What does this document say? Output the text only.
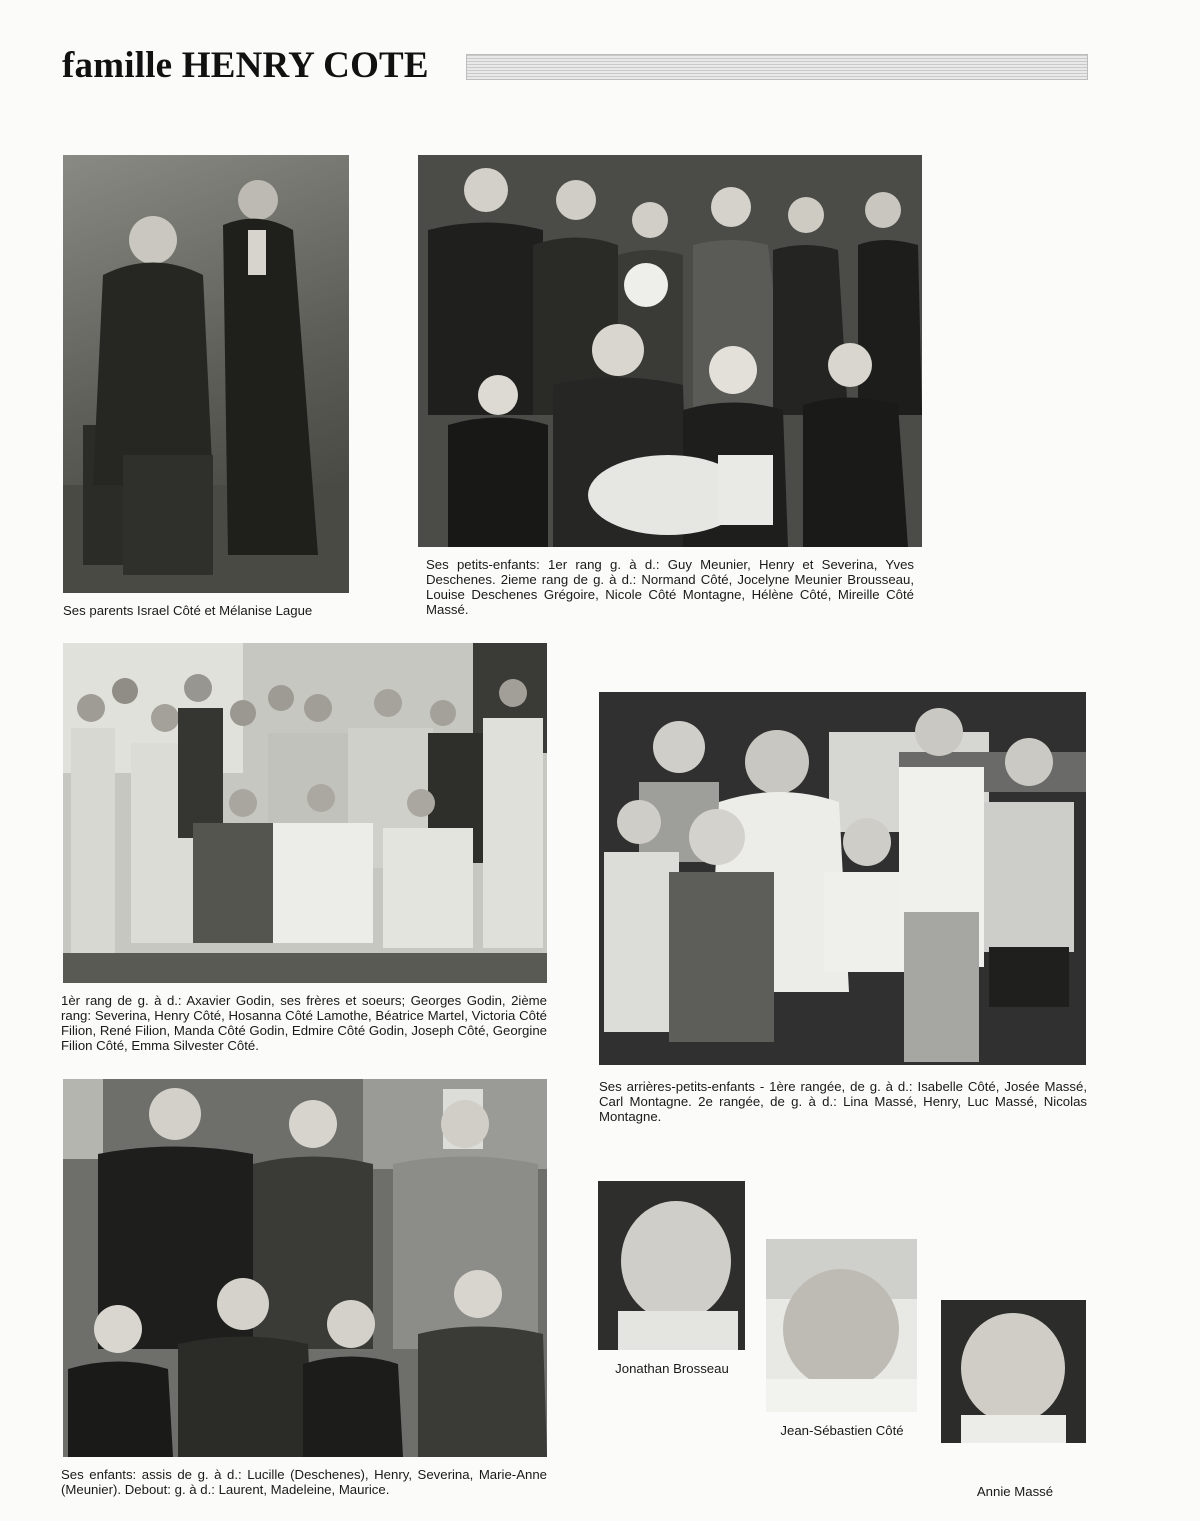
famille HENRY COTE

Ses parents Israel Côté et Mélanise Lague

Ses petits-enfants: 1er rang g. à d.: Guy Meunier, Henry et Severina, Yves Deschenes. 2ieme rang de g. à d.: Normand Côté, Jocelyne Meunier Brousseau, Louise Deschenes Grégoire, Nicole Côté Montagne, Hélène Côté, Mireille Côté Massé.

1èr rang de g. à d.: Axavier Godin, ses frères et soeurs; Georges Godin, 2ième rang: Severina, Henry Côté, Hosanna Côté Lamothe, Béatrice Martel, Victoria Côté Filion, René Filion, Manda Côté Godin, Edmire Côté Godin, Joseph Côté, Georgine Filion Côté, Emma Silvester Côté.

Ses arrières-petits-enfants - 1ère rangée, de g. à d.: Isabelle Côté, Josée Massé, Carl Montagne. 2e rangée, de g. à d.: Lina Massé, Henry, Luc Massé, Nicolas Montagne.

Ses enfants: assis de g. à d.: Lucille (Deschenes), Henry, Severina, Marie-Anne (Meunier). Debout: g. à d.: Laurent, Madeleine, Maurice.

Jonathan Brosseau

Jean-Sébastien Côté

Annie Massé
